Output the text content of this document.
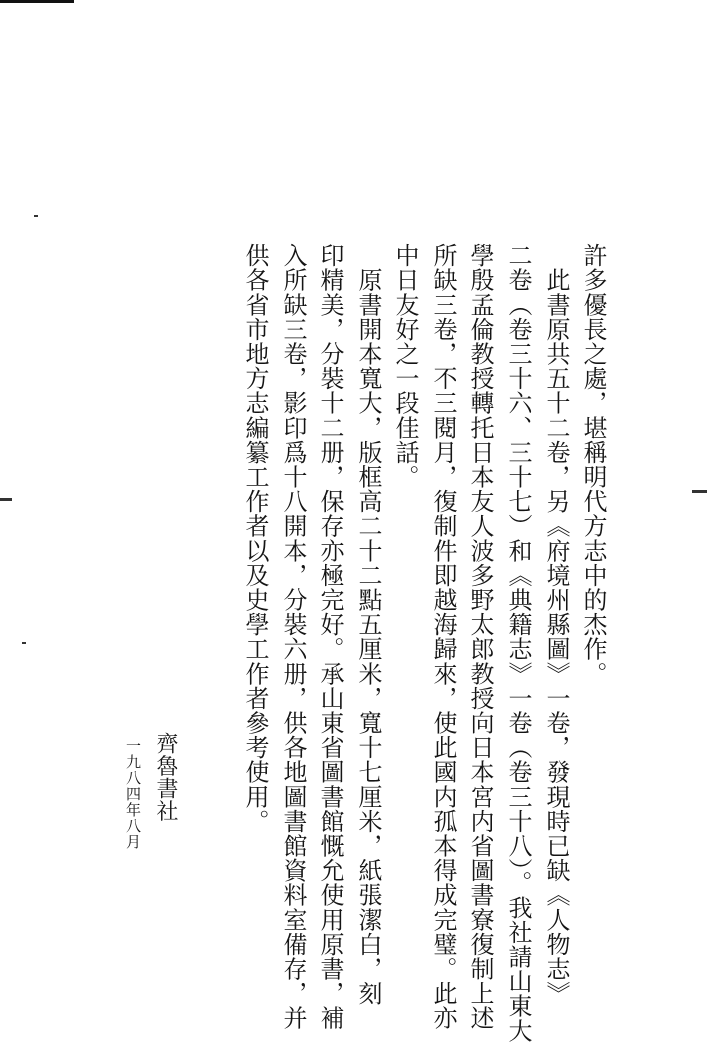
許多優長之處，堪稱明代方志中的杰作。
　此書原共五十二卷，另《府境州縣圖》一卷，發現時已缺《人物志》
二卷（卷三十六、三十七）和《典籍志》一卷（卷三十八）。我社請山東大
學殷孟倫教授轉托日本友人波多野太郎教授向日本宮内省圖書寮復制上述
所缺三卷，不三閱月，復制件即越海歸來，使此國内孤本得成完璧。此亦
中日友好之一段佳話。
　原書開本寬大，版框高二十二點五厘米，寬十七厘米，紙張潔白，刻
印精美，分裝十二册，保存亦極完好。承山東省圖書館慨允使用原書，補
入所缺三卷，影印爲十八開本，分裝六册，供各地圖書館資料室備存，并
供各省市地方志編纂工作者以及史學工作者參考使用。
齊魯書社
一九八四年八月
